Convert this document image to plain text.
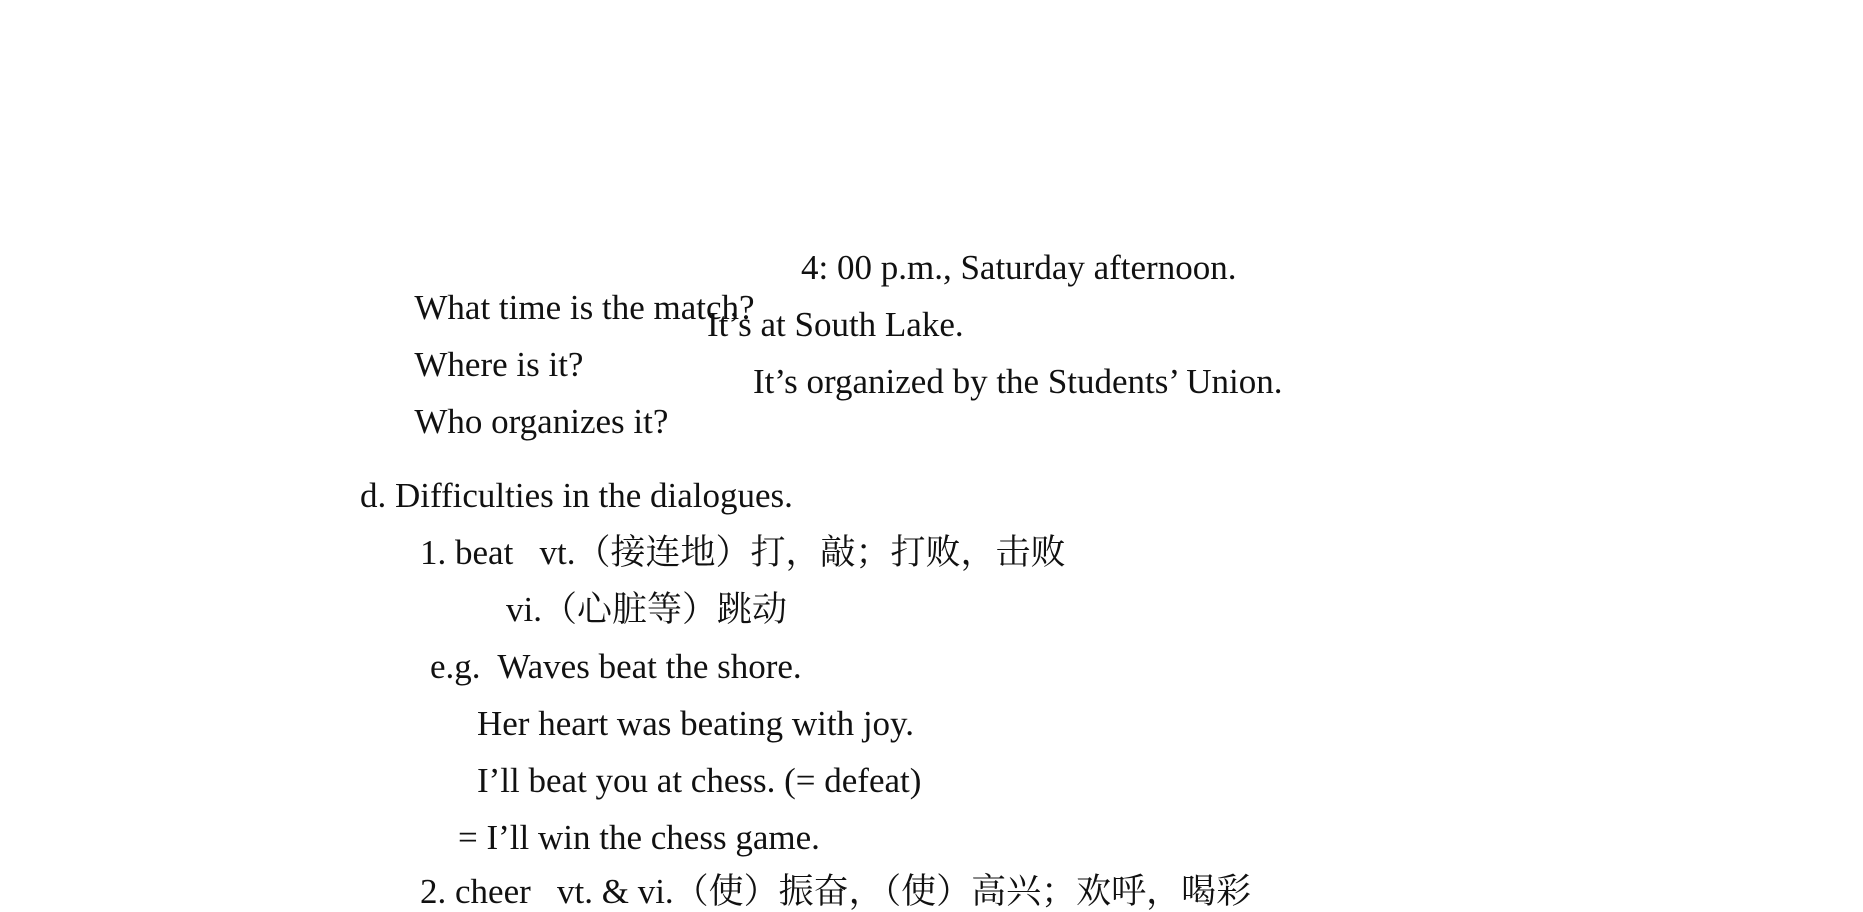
What time is the match?

4: 00 p.m., Saturday afternoon.

Where is it?

It’s at South Lake.

Who organizes it?

It’s organized by the Students’ Union.

d. Difficulties in the dialogues.
1. beat   vt.（接连地）打，敲；打败，击败
vi.（心脏等）跳动
e.g.  Waves beat the shore.
Her heart was beating with joy.
I’ll beat you at chess. (= defeat)
= I’ll win the chess game.
2. cheer   vt. & vi.（使）振奋，（使）高兴；欢呼，喝彩
